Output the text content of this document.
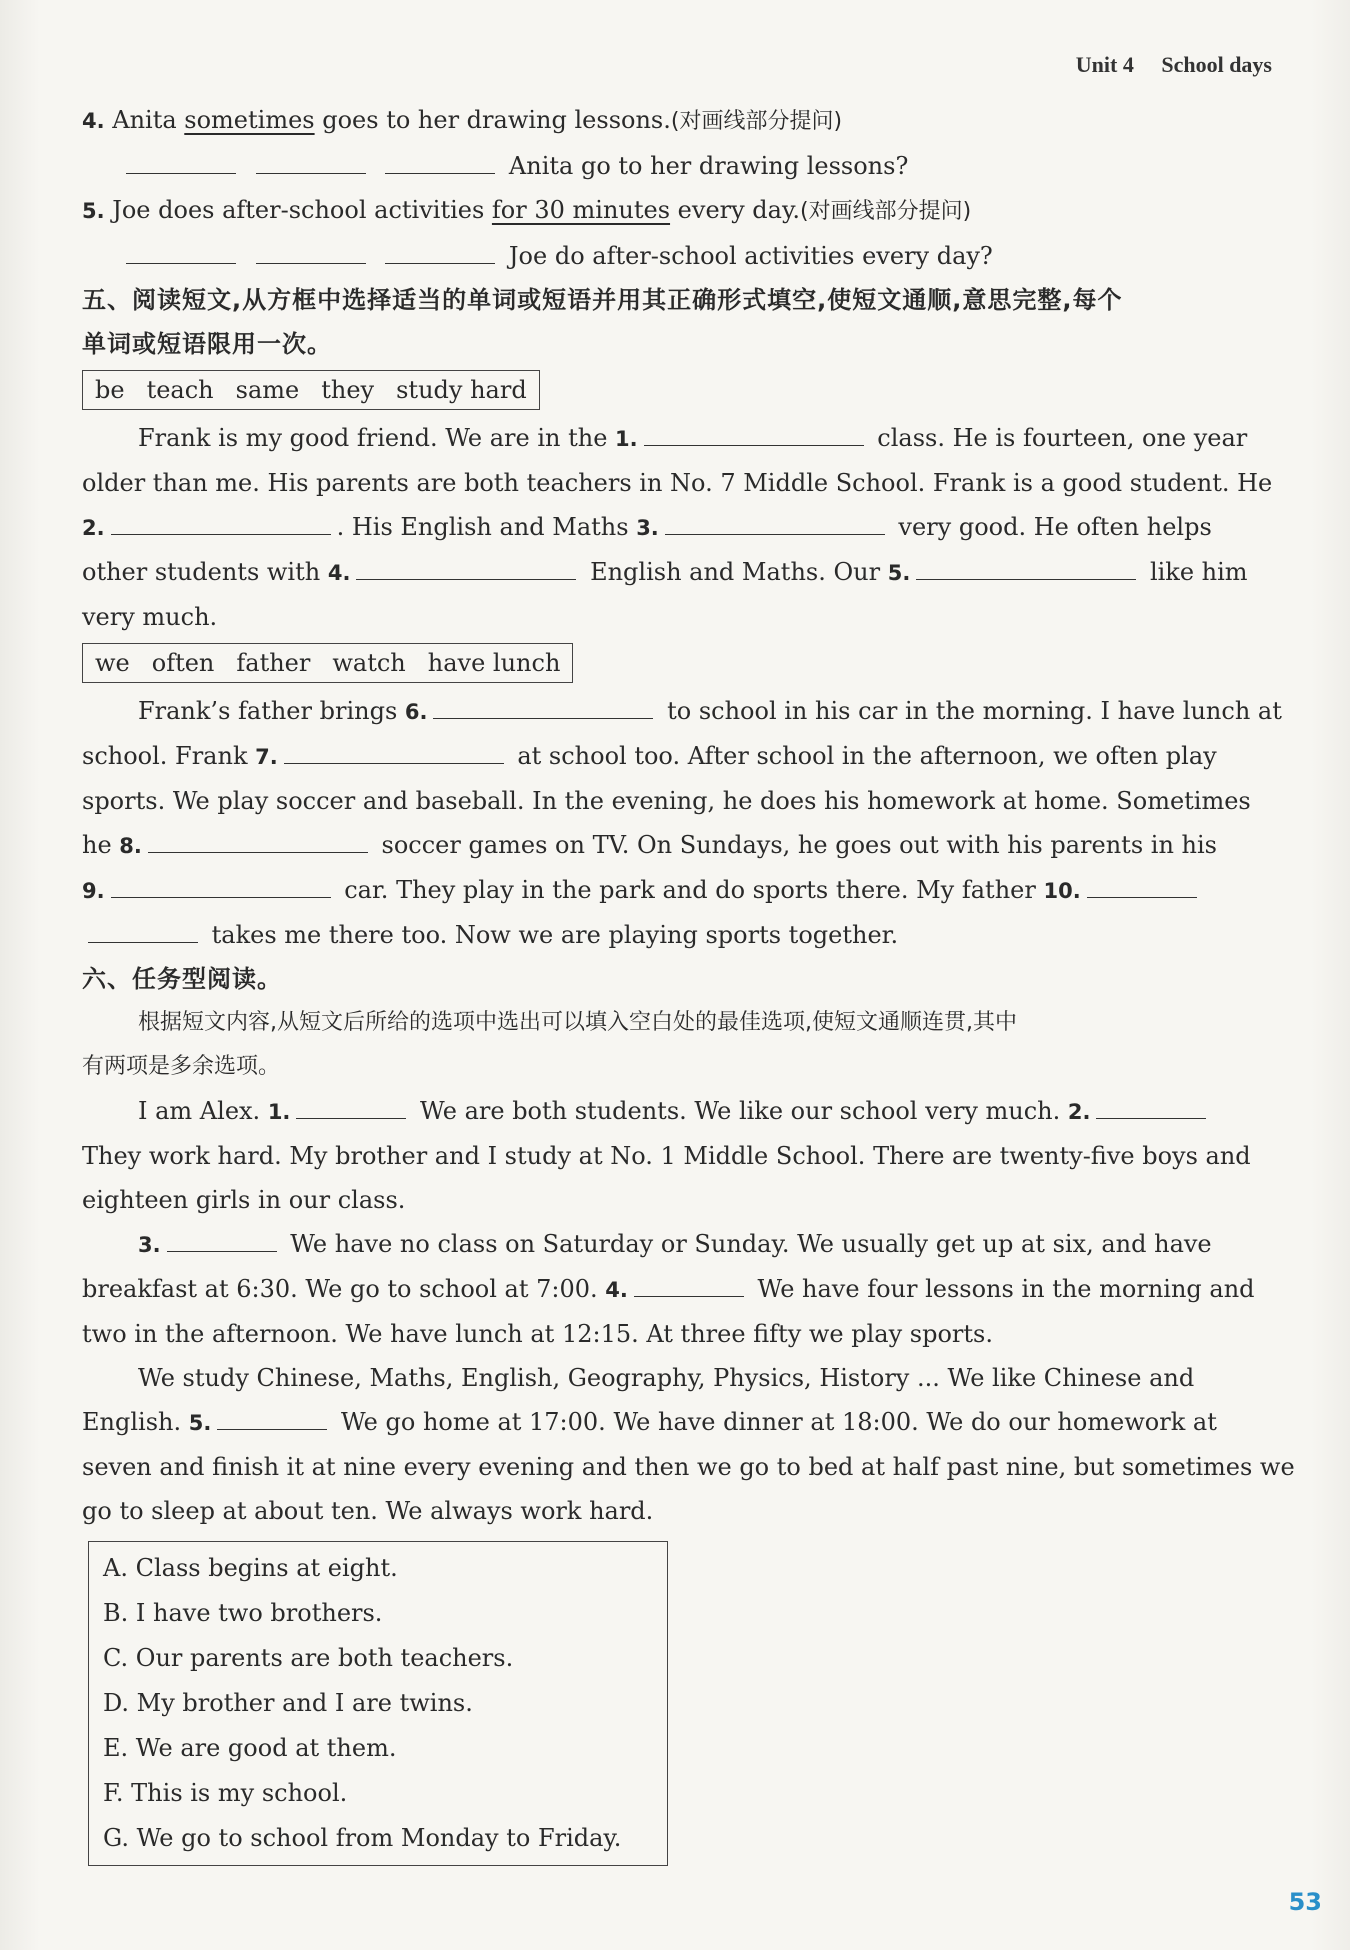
Unit 4 School days
4. Anita sometimes goes to her drawing lessons.(对画线部分提问)
Anita go to her drawing lessons?
5. Joe does after-school activities for 30 minutes every day.(对画线部分提问)
Joe do after-school activities every day?
五、阅读短文,从方框中选择适当的单词或短语并用其正确形式填空,使短文通顺,意思完整,每个
单词或短语限用一次。
be teach same they study hard
Frank is my good friend. We are in the 1.	class. He is fourteen, one year
older than me. His parents are both teachers in No. 7 Middle School. Frank is a good student. He
2.	. His English and Maths 3.	very good. He often helps
other students with 4.	English and Maths. Our 5.	like him
very much.
we often father watch have lunch
Frank’s father brings 6.	to school in his car in the morning. I have lunch at
school. Frank 7.	at school too. After school in the afternoon, we often play
sports. We play soccer and baseball. In the evening, he does his homework at home. Sometimes
he 8.	soccer games on TV. On Sundays, he goes out with his parents in his
9.	car. They play in the park and do sports there. My father 10.
takes me there too. Now we are playing sports together.
六、任务型阅读。
根据短文内容,从短文后所给的选项中选出可以填入空白处的最佳选项,使短文通顺连贯,其中
有两项是多余选项。
I am Alex. 1.	We are both students. We like our school very much. 2.
They work hard. My brother and I study at No. 1 Middle School. There are twenty-five boys and
eighteen girls in our class.
3.	We have no class on Saturday or Sunday. We usually get up at six, and have
breakfast at 6:30. We go to school at 7:00. 4.	We have four lessons in the morning and
two in the afternoon. We have lunch at 12:15. At three fifty we play sports.
We study Chinese, Maths, English, Geography, Physics, History ... We like Chinese and
English. 5.	We go home at 17:00. We have dinner at 18:00. We do our homework at
seven and finish it at nine every evening and then we go to bed at half past nine, but sometimes we
go to sleep at about ten. We always work hard.
A. Class begins at eight.
B. I have two brothers.
C. Our parents are both teachers.
D. My brother and I are twins.
E. We are good at them.
F. This is my school.
G. We go to school from Monday to Friday.
53
